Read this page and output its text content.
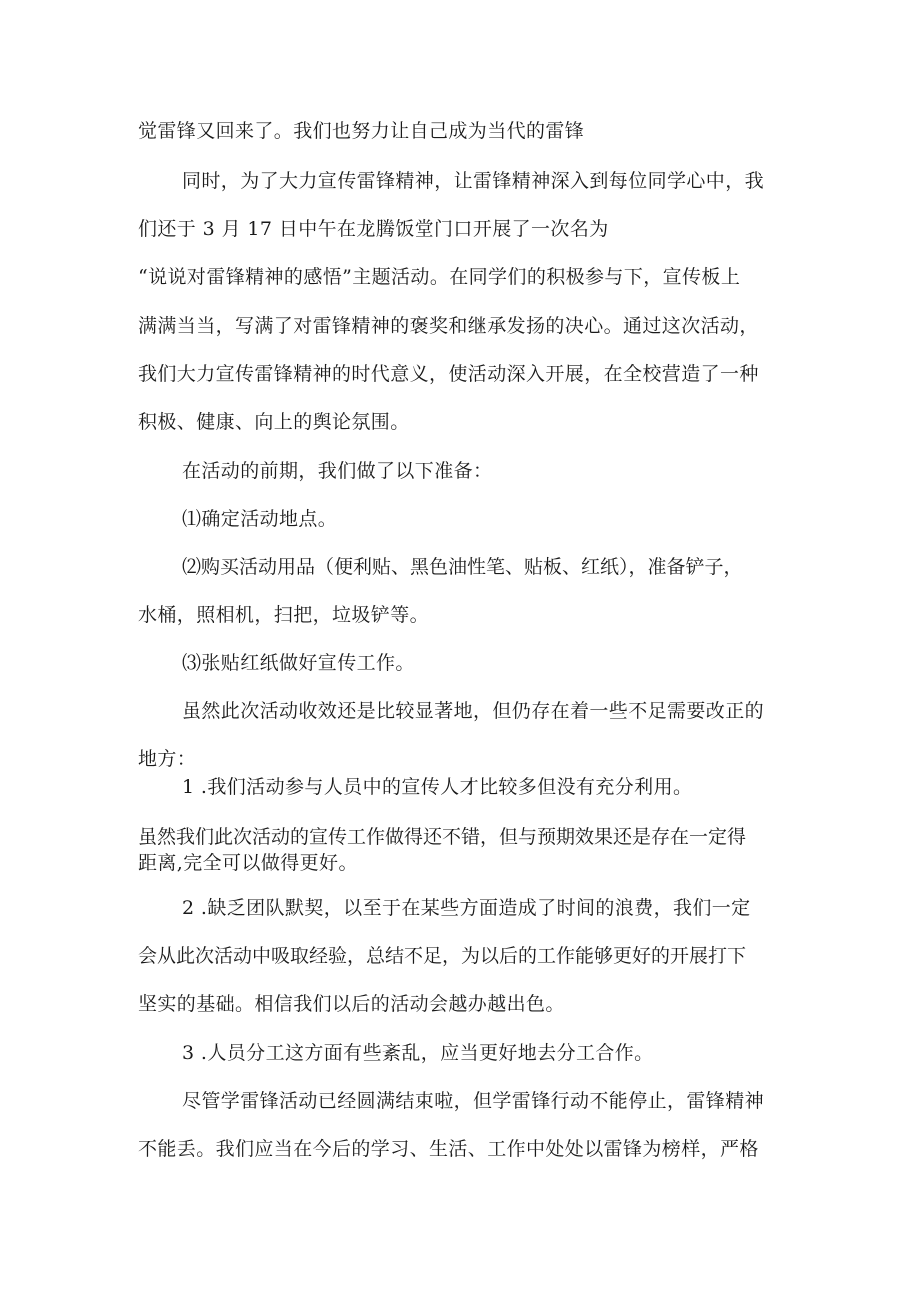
觉雷锋又回来了。我们也努力让自己成为当代的雷锋
同时，为了大力宣传雷锋精神，让雷锋精神深入到每位同学心中，我
们还于 3 月 17 日中午在龙腾饭堂门口开展了一次名为
“说说对雷锋精神的感悟”主题活动。在同学们的积极参与下，宣传板上
满满当当，写满了对雷锋精神的褒奖和继承发扬的决心。通过这次活动，
我们大力宣传雷锋精神的时代意义，使活动深入开展，在全校营造了一种
积极、健康、向上的舆论氛围。
在活动的前期，我们做了以下准备：
⑴确定活动地点。
⑵购买活动用品（便利贴、黑色油性笔、贴板、红纸），准备铲子，
水桶，照相机，扫把，垃圾铲等。
⑶张贴红纸做好宣传工作。
虽然此次活动收效还是比较显著地，但仍存在着一些不足需要改正的
地方：
1 .我们活动参与人员中的宣传人才比较多但没有充分利用。
虽然我们此次活动的宣传工作做得还不错，但与预期效果还是存在一定得
距离,完全可以做得更好。
2 .缺乏团队默契，以至于在某些方面造成了时间的浪费，我们一定
会从此次活动中吸取经验，总结不足，为以后的工作能够更好的开展打下
坚实的基础。相信我们以后的活动会越办越出色。
3 .人员分工这方面有些紊乱，应当更好地去分工合作。
尽管学雷锋活动已经圆满结束啦，但学雷锋行动不能停止，雷锋精神
不能丢。我们应当在今后的学习、生活、工作中处处以雷锋为榜样，严格
